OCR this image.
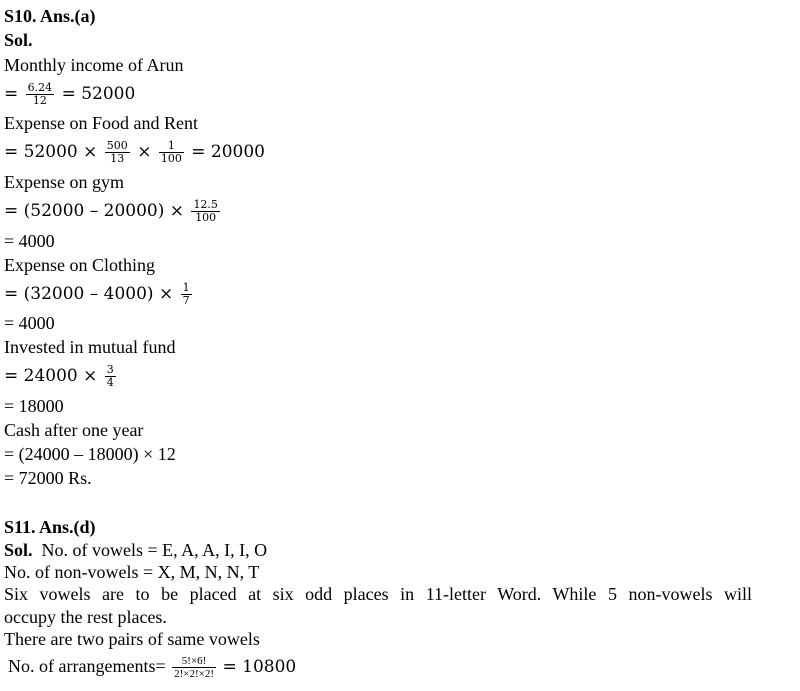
S10. Ans.(a)
Sol.
Monthly income of Arun
= $\frac{6.24}{12} = 52000$
Expense on Food and Rent
= $52000 \times \frac{500}{13} \times \frac{1}{100} = 20000$
Expense on gym
= $(52000 - 20000) \times \frac{12.5}{100}$
= 4000
Expense on Clothing
= $(32000 - 4000) \times \frac{1}{7}$
= 4000
Invested in mutual fund
= $24000 \times \frac{3}{4}$
= 18000
Cash after one year
= (24000 – 18000) × 12
= 72000 Rs.
S11. Ans.(d)
Sol. No. of vowels = E, A, A, I, I, O
No. of non-vowels = X, M, N, N, T
Six vowels are to be placed at six odd places in 11-letter Word. While 5 non-vowels will
occupy the rest places.
There are two pairs of same vowels
No. of arrangements= $\frac{5!\times 6!}{2!\times 2!\times 2!} = 10800$
